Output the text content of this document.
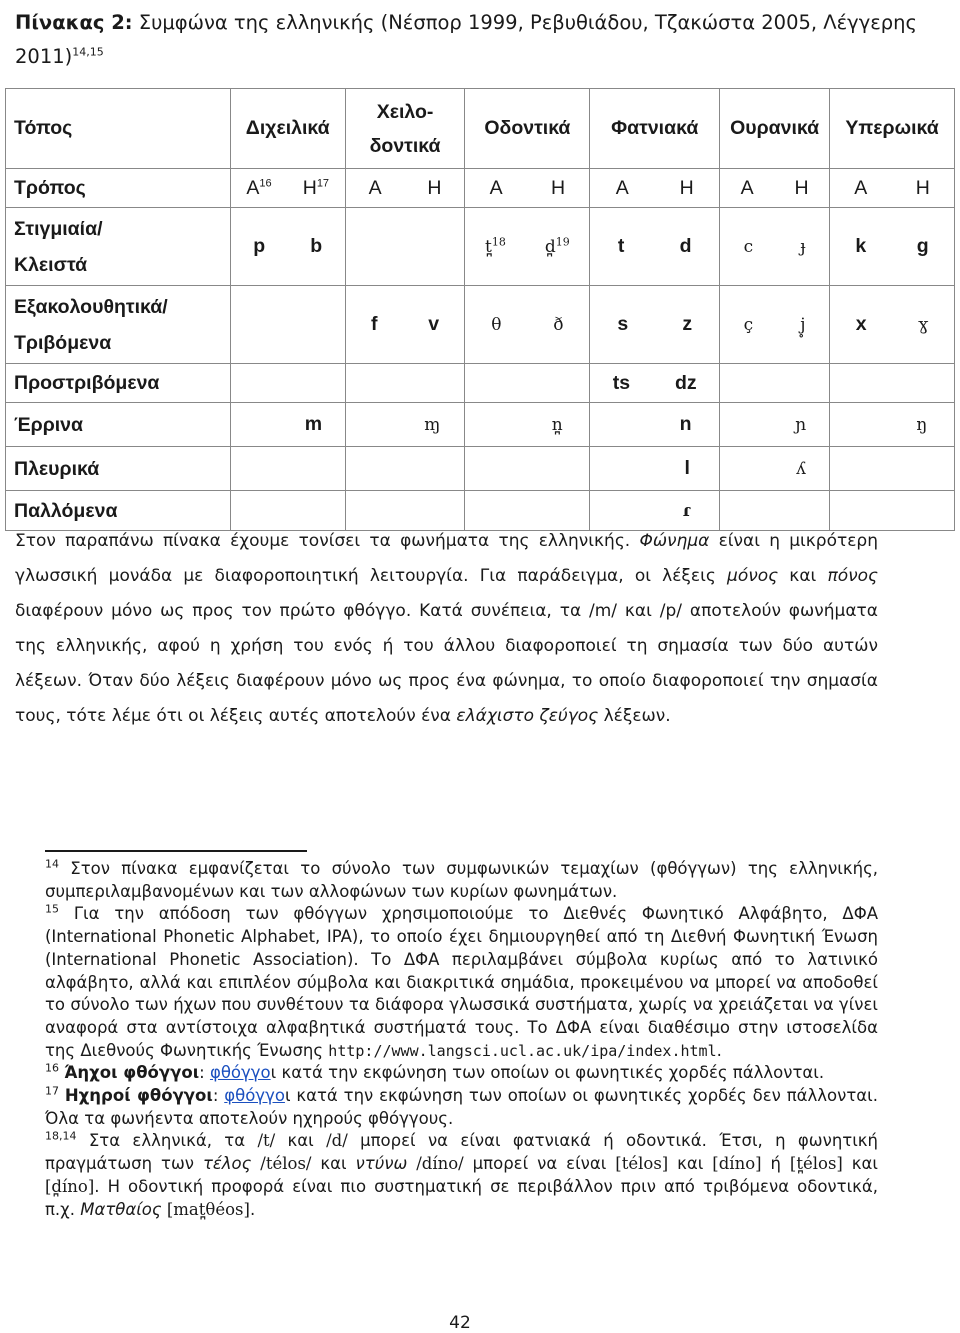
Πίνακας 2: Συμφώνα της ελληνικής (Νέσπορ 1999, Ρεβυθιάδου, Τζακώστα 2005, Λέγγερης 2011)$^{14,15}$
Τόπος	Διχειλικά	Χειλο-
δοντικά	Οδοντικά	Φατνιακά	Ουρανικά	Υπερωικά
Τρόπος	$A^{16}$ $H^{17}$	A H	A H	A H	A H	A H

Στιγμιαία/
Κλειστά	p b		t̪$^{18}$ d̪$^{19}$	t d	c ɟ	k g

Εξακολουθητικά/
Τριβόμενα		f v	θ ð	s z	ç j̥	x ɣ

Προστριβόμενα				ts dz		

Έρρινα	m	ɱ	n̪	n	ɲ	ŋ

Πλευρικά				l	ʎ	

Παλλόμενα				ɾ		

Στον παραπάνω πίνακα έχουμε τονίσει τα φωνήματα της ελληνικής. Φώνημα είναι η μικρότερη γλωσσική μονάδα με διαφοροποιητική λειτουργία. Για παράδειγμα, οι λέξεις μόνος και πόνος διαφέρουν μόνο ως προς τον πρώτο φθόγγο. Κατά συνέπεια, τα /m/ και /p/ αποτελούν φωνήματα της ελληνικής, αφού η χρήση του ενός ή του άλλου διαφοροποιεί τη σημασία των δύο αυτών λέξεων. Όταν δύο λέξεις διαφέρουν μόνο ως προς ένα φώνημα, το οποίο διαφοροποιεί την σημασία τους, τότε λέμε ότι οι λέξεις αυτές αποτελούν ένα ελάχιστο ζεύγος λέξεων.
$^{14}$ Στον πίνακα εμφανίζεται το σύνολο των συμφωνικών τεμαχίων (φθόγγων) της ελληνικής, συμπεριλαμβανομένων και των αλλοφώνων των κυρίων φωνημάτων.
$^{15}$ Για την απόδοση των φθόγγων χρησιμοποιούμε το Διεθνές Φωνητικό Αλφάβητο, ΔΦΑ (International Phonetic Alphabet, IPA), το οποίο έχει δημιουργηθεί από τη Διεθνή Φωνητική Ένωση (International Phonetic Association). Το ΔΦΑ περιλαμβάνει σύμβολα κυρίως από το λατινικό αλφάβητο, αλλά και επιπλέον σύμβολα και διακριτικά σημάδια, προκειμένου να μπορεί να αποδοθεί το σύνολο των ήχων που συνθέτουν τα διάφορα γλωσσικά συστήματα, χωρίς να χρειάζεται να γίνει αναφορά στα αντίστοιχα αλφαβητικά συστήματά τους. Το ΔΦΑ είναι διαθέσιμο στην ιστοσελίδα της Διεθνούς Φωνητικής Ένωσης http://www.langsci.ucl.ac.uk/ipa/index.html.
$^{16}$ Άηχοι φθόγγοι: φθόγγοι κατά την εκφώνηση των οποίων οι φωνητικές χορδές πάλλονται.
$^{17}$ Ηχηροί φθόγγοι: φθόγγοι κατά την εκφώνηση των οποίων οι φωνητικές χορδές δεν πάλλονται. Όλα τα φωνήεντα αποτελούν ηχηρούς φθόγγους.
$^{18,14}$ Στα ελληνικά, τα /t/ και /d/ μπορεί να είναι φατνιακά ή οδοντικά. Έτσι, η φωνητική πραγμάτωση των τέλος /télos/ και ντύνω /díno/ μπορεί να είναι [télos] και [díno] ή [t̪élos] και [d̪íno]. Η οδοντική προφορά είναι πιο συστηματική σε περιβάλλον πριν από τριβόμενα οδοντικά, π.χ. Ματθαίος [mat̪θéos].
42
